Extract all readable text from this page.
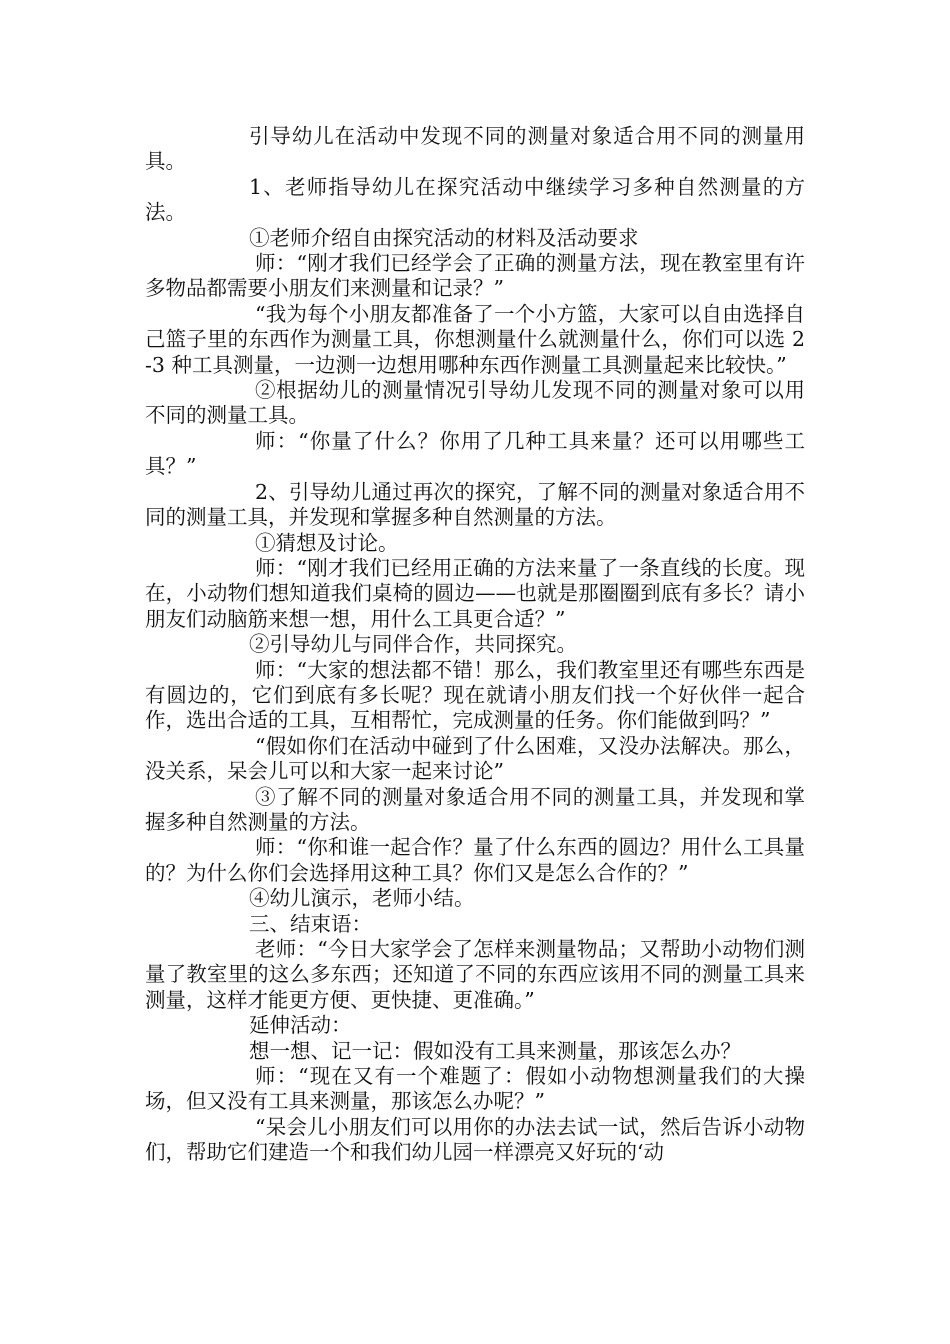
引导幼儿在活动中发现不同的测量对象适合用不同的测量用具。

1、老师指导幼儿在探究活动中继续学习多种自然测量的方法。

①老师介绍自由探究活动的材料及活动要求

师：“刚才我们已经学会了正确的测量方法，现在教室里有许多物品都需要小朋友们来测量和记录？”

“我为每个小朋友都准备了一个小方篮，大家可以自由选择自己篮子里的东西作为测量工具，你想测量什么就测量什么，你们可以选 2-3 种工具测量，一边测一边想用哪种东西作测量工具测量起来比较快。”

②根据幼儿的测量情况引导幼儿发现不同的测量对象可以用不同的测量工具。

师：“你量了什么？你用了几种工具来量？还可以用哪些工具？”

2、引导幼儿通过再次的探究，了解不同的测量对象适合用不同的测量工具，并发现和掌握多种自然测量的方法。

①猜想及讨论。

师：“刚才我们已经用正确的方法来量了一条直线的长度。现在，小动物们想知道我们桌椅的圆边——也就是那圈圈到底有多长？请小朋友们动脑筋来想一想，用什么工具更合适？”

②引导幼儿与同伴合作，共同探究。

师：“大家的想法都不错！那么，我们教室里还有哪些东西是有圆边的，它们到底有多长呢？现在就请小朋友们找一个好伙伴一起合作，选出合适的工具，互相帮忙，完成测量的任务。你们能做到吗？”

“假如你们在活动中碰到了什么困难，又没办法解决。那么，没关系，呆会儿可以和大家一起来讨论”

③了解不同的测量对象适合用不同的测量工具，并发现和掌握多种自然测量的方法。

师：“你和谁一起合作？量了什么东西的圆边？用什么工具量的？为什么你们会选择用这种工具？你们又是怎么合作的？”

④幼儿演示，老师小结。

三、结束语：

老师：“今日大家学会了怎样来测量物品；又帮助小动物们测量了教室里的这么多东西；还知道了不同的东西应该用不同的测量工具来测量，这样才能更方便、更快捷、更准确。”

延伸活动：

想一想、记一记：假如没有工具来测量，那该怎么办？

师：“现在又有一个难题了：假如小动物想测量我们的大操场，但又没有工具来测量，那该怎么办呢？”

“呆会儿小朋友们可以用你的办法去试一试，然后告诉小动物们，帮助它们建造一个和我们幼儿园一样漂亮又好玩的‘动
